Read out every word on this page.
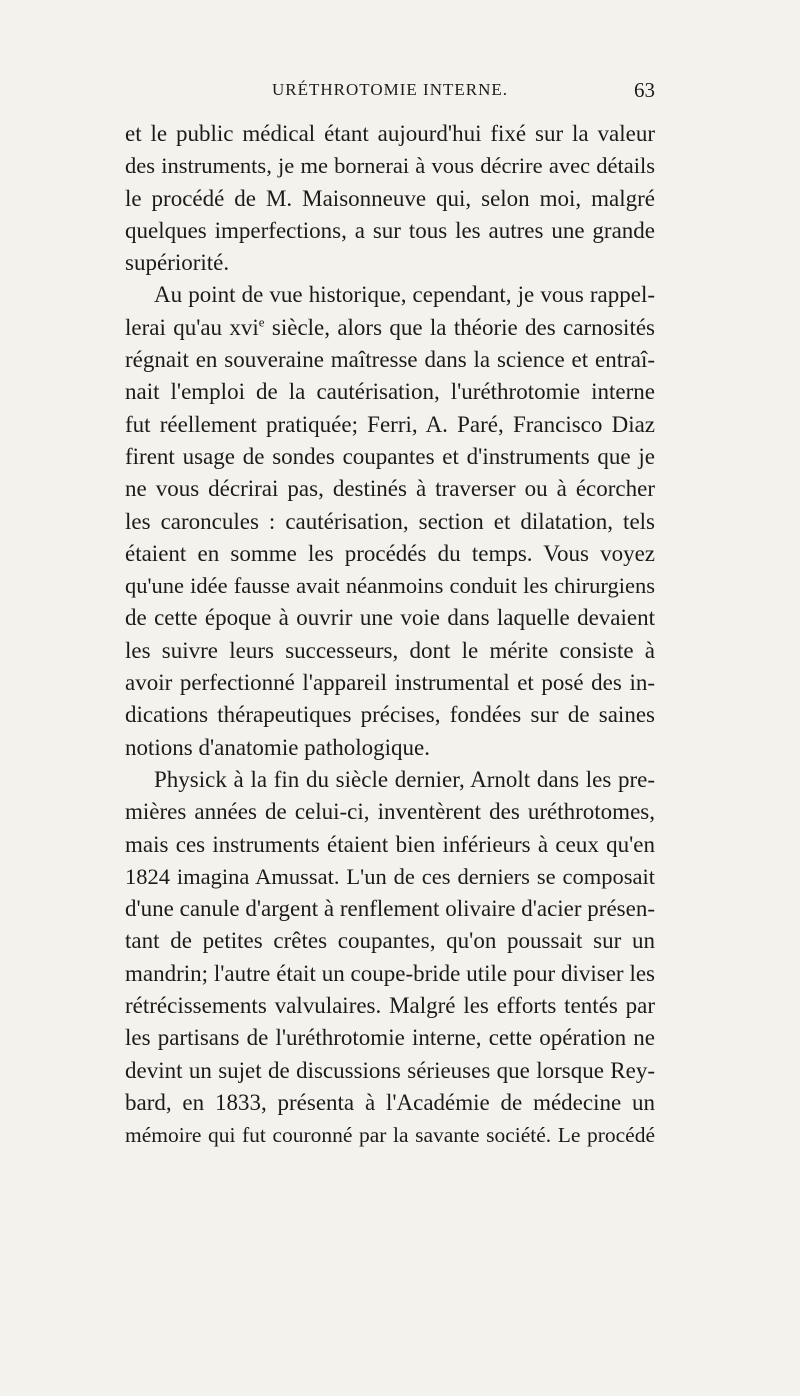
URÉTHROTOMIE INTERNE.	63
et le public médical étant aujourd'hui fixé sur la valeur
des instruments, je me bornerai à vous décrire avec détails
le procédé de M. Maisonneuve qui, selon moi, malgré
quelques imperfections, a sur tous les autres une grande
supériorité.
Au point de vue historique, cependant, je vous rappel-
lerai qu'au xvi$^e$ siècle, alors que la théorie des carnosités
régnait en souveraine maîtresse dans la science et entraî-
nait l'emploi de la cautérisation, l'uréthrotomie interne
fut réellement pratiquée; Ferri, A. Paré, Francisco Diaz
firent usage de sondes coupantes et d'instruments que je
ne vous décrirai pas, destinés à traverser ou à écorcher
les caroncules : cautérisation, section et dilatation, tels
étaient en somme les procédés du temps. Vous voyez
qu'une idée fausse avait néanmoins conduit les chirurgiens
de cette époque à ouvrir une voie dans laquelle devaient
les suivre leurs successeurs, dont le mérite consiste à
avoir perfectionné l'appareil instrumental et posé des in-
dications thérapeutiques précises, fondées sur de saines
notions d'anatomie pathologique.
Physick à la fin du siècle dernier, Arnolt dans les pre-
mières années de celui-ci, inventèrent des uréthrotomes,
mais ces instruments étaient bien inférieurs à ceux qu'en
1824 imagina Amussat. L'un de ces derniers se composait
d'une canule d'argent à renflement olivaire d'acier présen-
tant de petites crêtes coupantes, qu'on poussait sur un
mandrin; l'autre était un coupe-bride utile pour diviser les
rétrécissements valvulaires. Malgré les efforts tentés par
les partisans de l'uréthrotomie interne, cette opération ne
devint un sujet de discussions sérieuses que lorsque Rey-
bard, en 1833, présenta à l'Académie de médecine un
mémoire qui fut couronné par la savante société. Le procédé
